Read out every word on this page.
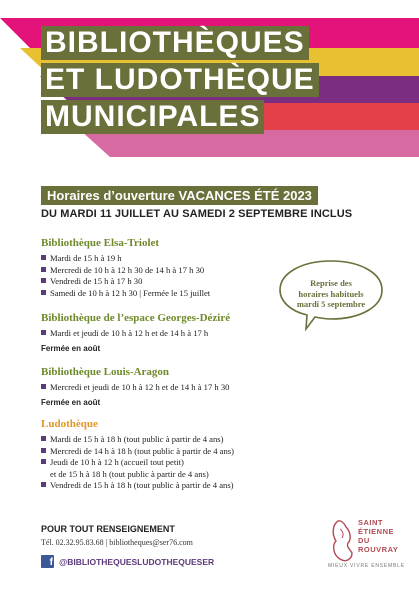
BIBLIOTHÈQUES
ET LUDOTHÈQUE
MUNICIPALES
Horaires d’ouverture VACANCES ÉTÉ 2023
DU MARDI 11 JUILLET AU SAMEDI 2 SEPTEMBRE INCLUS
Bibliothèque Elsa-Triolet
Mardi de 15 h à 19 h
Mercredi de 10 h à 12 h 30 de 14 h à 17 h 30
Vendredi de 15 h à 17 h 30
Samedi de 10 h à 12 h 30 | Fermée le 15 juillet
Bibliothèque de l’espace Georges-Déziré
Mardi et jeudi de 10 h à 12 h et de 14 h à 17 h
Fermée en août
Bibliothèque Louis-Aragon
Mercredi et jeudi de 10 h à 12 h et de 14 h à 17 h 30
Fermée en août
Ludothèque
Mardi de 15 h à 18 h (tout public à partir de 4 ans)
Mercredi de 14 h à 18 h (tout public à partir de 4 ans)
Jeudi de 10 h à 12 h (accueil tout petit)
et de 15 h à 18 h (tout public à partir de 4 ans)
Vendredi de 15 h à 18 h (tout public à partir de 4 ans)
Reprise des
horaires habituels
mardi 5 septembre
POUR TOUT RENSEIGNEMENT
Tél. 02.32.95.83.68 | bibliotheques@ser76.com
f @BIBLIOTHEQUESLUDOTHEQUESER
SAINT
ÉTIENNE
DU
ROUVRAY
MIEUX VIVRE ENSEMBLE
